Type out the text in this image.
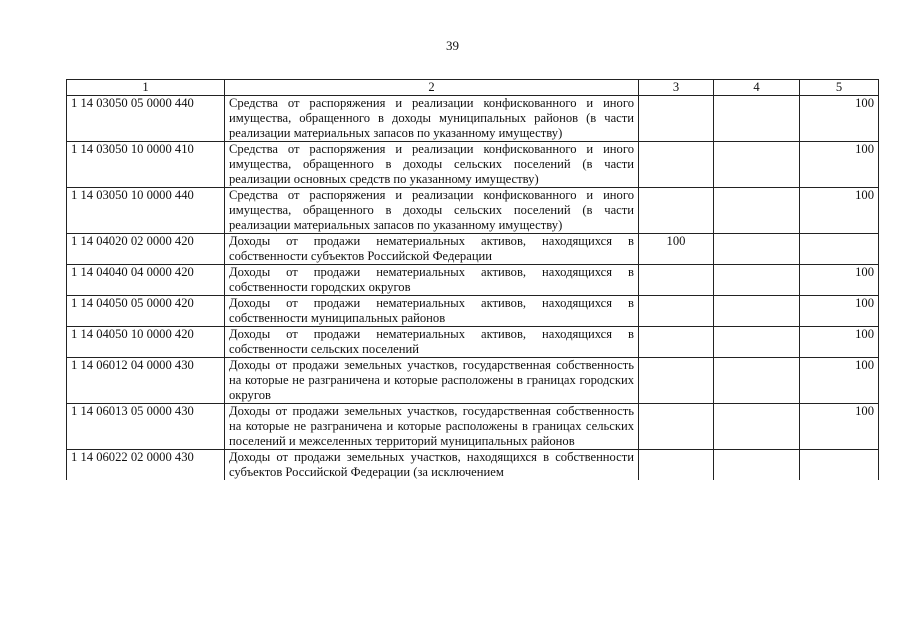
39
1	2	3	4	5
1 14 03050 05 0000 440	Средства от распоряжения и реализации конфискованного и иного имущества, обращенного в доходы муниципальных районов (в части реализации материальных запасов по указанному имуществу)			100
1 14 03050 10 0000 410	Средства от распоряжения и реализации конфискованного и иного имущества, обращенного в доходы сельских поселений (в части реализации основных средств по указанному имуществу)			100
1 14 03050 10 0000 440	Средства от распоряжения и реализации конфискованного и иного имущества, обращенного в доходы сельских поселений (в части реализации материальных запасов по указанному имуществу)			100
1 14 04020 02 0000 420	Доходы от продажи нематериальных активов, находящихся в собственности субъектов Российской Федерации	100		
1 14 04040 04 0000 420	Доходы от продажи нематериальных активов, находящихся в собственности городских округов			100
1 14 04050 05 0000 420	Доходы от продажи нематериальных активов, находящихся в собственности муниципальных районов			100
1 14 04050 10 0000 420	Доходы от продажи нематериальных активов, находящихся в собственности сельских поселений			100
1 14 06012 04 0000 430	Доходы от продажи земельных участков, государственная собственность на которые не разграничена и которые расположены в границах городских округов			100
1 14 06013 05 0000 430	Доходы от продажи земельных участков, государственная собственность на которые не разграничена и которые расположены в границах сельских поселений и межселенных территорий муниципальных районов			100
1 14 06022 02 0000 430	Доходы от продажи земельных участков, находящихся в собственности субъектов Российской Федерации (за исключением			
